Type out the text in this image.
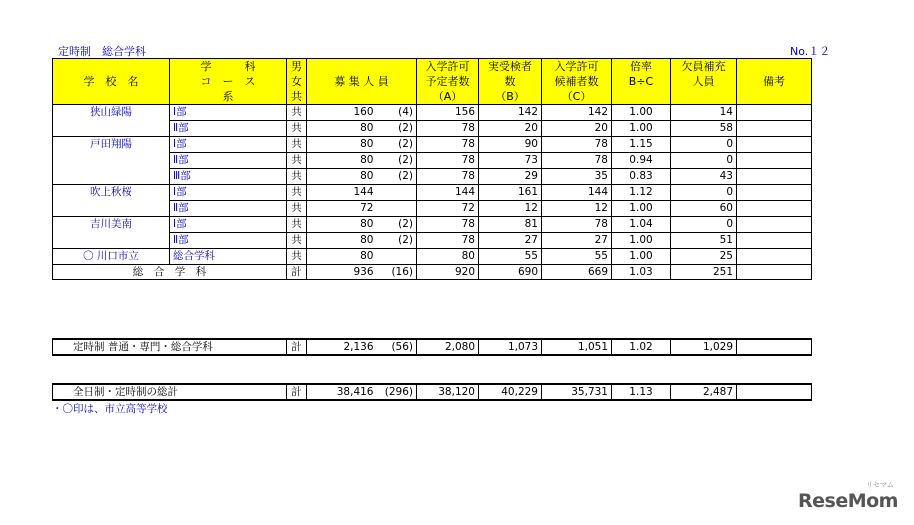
定時制　総合学科	No.１２
学　校　名	学　　　科	男	募 集 人 員		入学許可	実受検者	入学許可	倍率	欠員補充	備考
	コ　ー　ス	女			予定者数	数	候補者数	B÷C	人員	
	系	共			（A）	（B）	（C）			
狭山緑陽	Ⅰ部	共	160	(4)	156	142	142	1.00	14	
	Ⅱ部	共	80	(2)	78	20	20	1.00	58	
戸田翔陽	Ⅰ部	共	80	(2)	78	90	78	1.15	0	
	Ⅱ部	共	80	(2)	78	73	78	0.94	0	
	Ⅲ部	共	80	(2)	78	29	35	0.83	43	
吹上秋桜	Ⅰ部	共	144		144	161	144	1.12	0	
	Ⅱ部	共	72		72	12	12	1.00	60	
吉川美南	Ⅰ部	共	80	(2)	78	81	78	1.04	0	
	Ⅱ部	共	80	(2)	78	27	27	1.00	51	
〇 川口市立	総合学科	共	80		80	55	55	1.00	25	
総　合　学　科		計	936	(16)	920	690	669	1.03	251	
定時制 普通・専門・総合学科	計	2,136	(56)	2,080	1,073	1,051	1.02	1,029	
全日制・定時制の総計	計	38,416	(296)	38,120	40,229	35,731	1.13	2,487	
・〇印は、市立高等学校
ReseMom
リセマム
